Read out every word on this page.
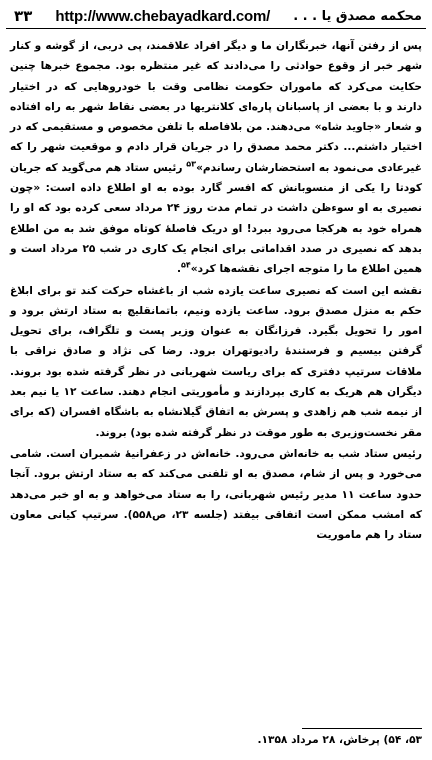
۳۳ http://www.chebayadkard.com/ محکمه مصدق یا . . .

پس از رفتن آنها، خبرنگاران ما و دیگر افراد علاقمند، پی دربی، از گوشه و کنار شهر خبر از وقوع حوادثی را می‌دادند که غیر منتظره بود. مجموع خبرها چنین حکایت می‌کرد که ماموران حکومت نظامی وقت با خودروهایی که در اختیار دارند و با بعضی از پاسبانان پاره‌ای کلانتریها در بعضی نقاط شهر به راه افتاده و شعار «جاوید شاه» می‌دهند. من بلافاصله با تلفن مخصوص و مستقیمی که در اختیار داشتم... دکتر محمد مصدق را در جریان قرار دادم و موقعیت شهر را که غیرعادی می‌نمود به استحضارشان رساندم»$^{۵۳}$ رئیس ستاد هم می‌گوید که جریان کودتا را یکی از منسوبانش که افسر گارد بوده به او اطلاع داده است: «چون نصیری به او سوءظن داشت در تمام مدت روز ۲۴ مرداد سعی کرده بود که او را همراه خود به هرکجا می‌رود ببرد! او دریک فاصلهٔ کوتاه موفق شد به من اطلاع بدهد که نصیری در صدد اقداماتی برای انجام یک کاری در شب ۲۵ مرداد است و همین اطلاع ما را متوجه اجرای نقشه‌ها کرد»$^{۵۴}$.

نقشه این است که نصیری ساعت یازده شب از باغشاه حرکت کند تو برای ابلاغ حکم به منزل مصدق برود. ساعت یازده ونیم، باتمانقلیچ به ستاد ارتش برود و امور را تحویل بگیرد. فرزانگان به عنوان وزیر پست و تلگراف، برای تحویل گرفتن بیسیم و فرستندهٔ رادیوتهران برود. رضا کی نژاد و صادق نراقی با ملاقات سرتیپ دفتری که برای ریاست شهربانی در نظر گرفته شده بود بروند. دیگران هم هریک به کاری بپردازند و مأموریتی انجام دهند. ساعت ۱۲ یا نیم بعد از نیمه شب هم زاهدی و پسرش به اتفاق گیلانشاه به باشگاه افسران (که برای مقر نخست‌وزیری به طور موقت در نظر گرفته شده بود) بروند.

رئیس ستاد شب به خانه‌اش می‌رود. خانه‌اش در زعفرانیهٔ شمیران است. شامی می‌خورد و پس از شام، مصدق به او تلفنی می‌کند که به ستاد ارتش برود. آنجا حدود ساعت ۱۱ مدیر رئیس شهربانی، را به ستاد می‌خواهد و به او خبر می‌دهد که امشب ممکن است اتفاقی بیفتد (جلسه ۲۳، ص۵۵۸). سرتیپ کیانی معاون ستاد را هم ماموریت

۵۳، ۵۴) پرخاش، ۲۸ مرداد ۱۳۵۸.
